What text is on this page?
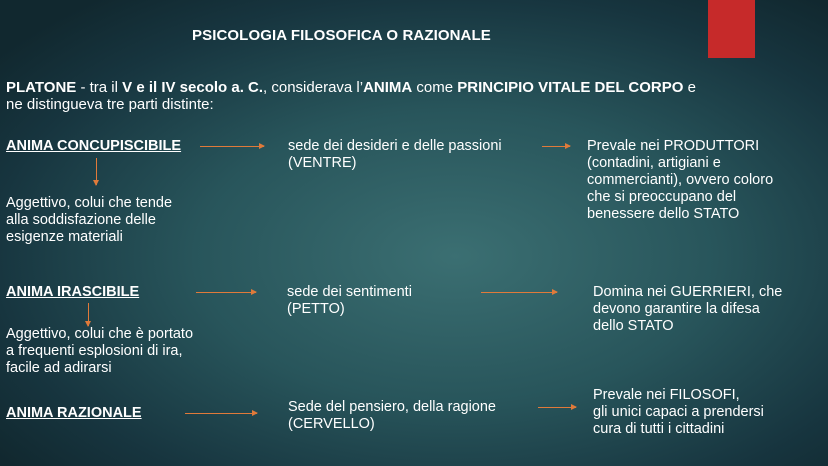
PSICOLOGIA FILOSOFICA O RAZIONALE
PLATONE - tra il V e il IV secolo a. C., considerava l’ANIMA come PRINCIPIO VITALE DEL CORPO e
ne distingueva tre parti distinte:
ANIMA CONCUPISCIBILE	sede dei desideri e delle passioni
(VENTRE)
Prevale nei PRODUTTORI
(contadini, artigiani e
commercianti), ovvero coloro
che si preoccupano del
benessere dello STATO
Aggettivo, colui che tende
alla soddisfazione delle
esigenze materiali
ANIMA IRASCIBILE	sede dei sentimenti
(PETTO)
Domina nei GUERRIERI, che
devono garantire la difesa
dello STATO
Aggettivo, colui che è portato
a frequenti esplosioni di ira,
facile ad adirarsi
ANIMA RAZIONALE	Sede del pensiero, della ragione
(CERVELLO)
Prevale nei FILOSOFI,
gli unici capaci a prendersi
cura di tutti i cittadini
